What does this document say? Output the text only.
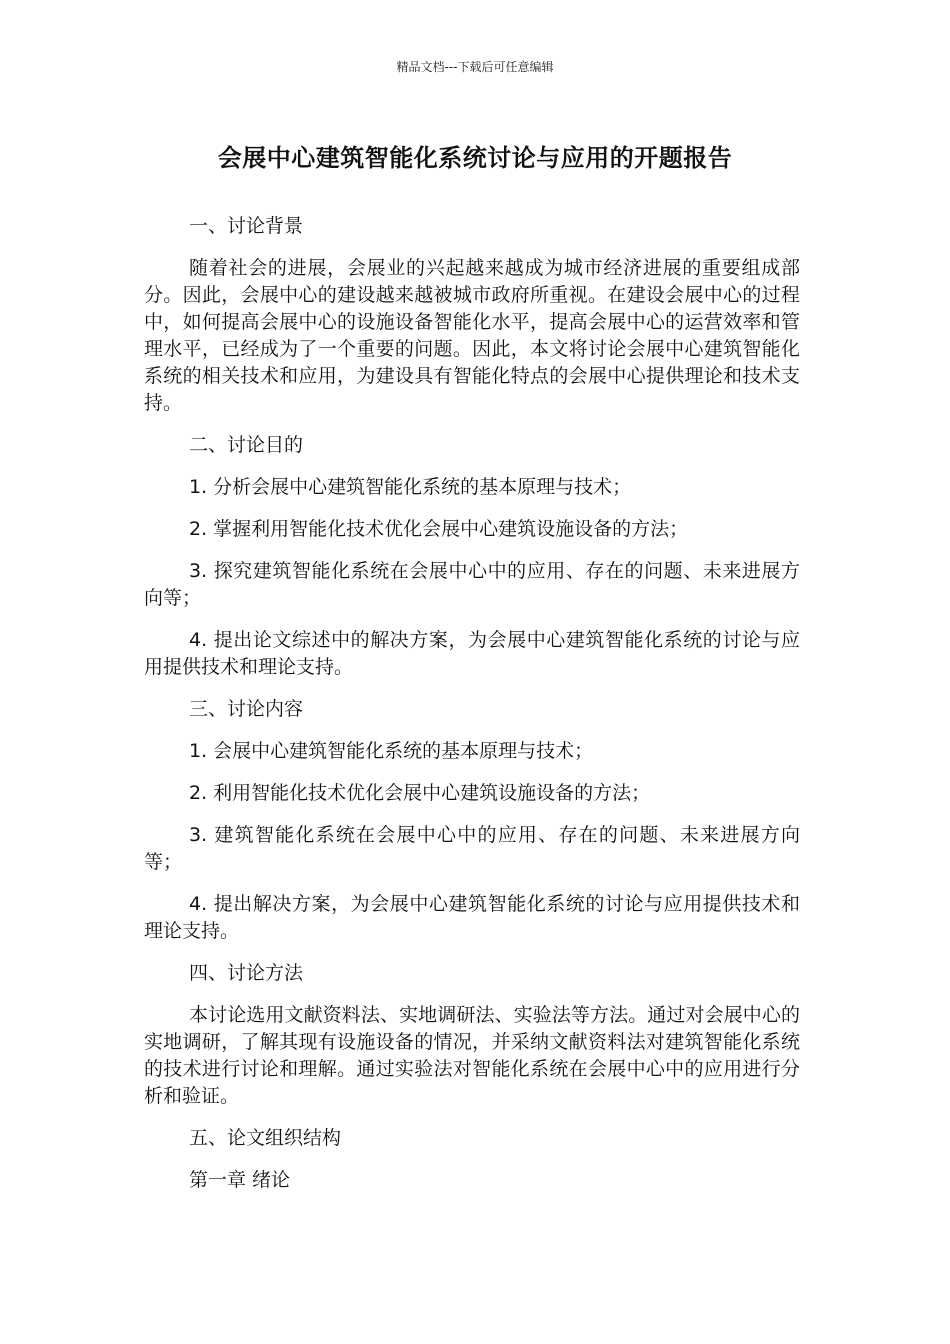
精品文档---下载后可任意编辑
会展中心建筑智能化系统讨论与应用的开题报告

一、讨论背景

随着社会的进展，会展业的兴起越来越成为城市经济进展的重要组成部分。因此，会展中心的建设越来越被城市政府所重视。在建设会展中心的过程中，如何提高会展中心的设施设备智能化水平，提高会展中心的运营效率和管理水平，已经成为了一个重要的问题。因此，本文将讨论会展中心建筑智能化系统的相关技术和应用，为建设具有智能化特点的会展中心提供理论和技术支持。

二、讨论目的

1. 分析会展中心建筑智能化系统的基本原理与技术；

2. 掌握利用智能化技术优化会展中心建筑设施设备的方法；

3. 探究建筑智能化系统在会展中心中的应用、存在的问题、未来进展方向等；

4. 提出论文综述中的解决方案，为会展中心建筑智能化系统的讨论与应用提供技术和理论支持。

三、讨论内容

1. 会展中心建筑智能化系统的基本原理与技术；

2. 利用智能化技术优化会展中心建筑设施设备的方法；

3. 建筑智能化系统在会展中心中的应用、存在的问题、未来进展方向等；

4. 提出解决方案，为会展中心建筑智能化系统的讨论与应用提供技术和理论支持。

四、讨论方法

本讨论选用文献资料法、实地调研法、实验法等方法。通过对会展中心的实地调研，了解其现有设施设备的情况，并采纳文献资料法对建筑智能化系统的技术进行讨论和理解。通过实验法对智能化系统在会展中心中的应用进行分析和验证。

五、论文组织结构

第一章 绪论
